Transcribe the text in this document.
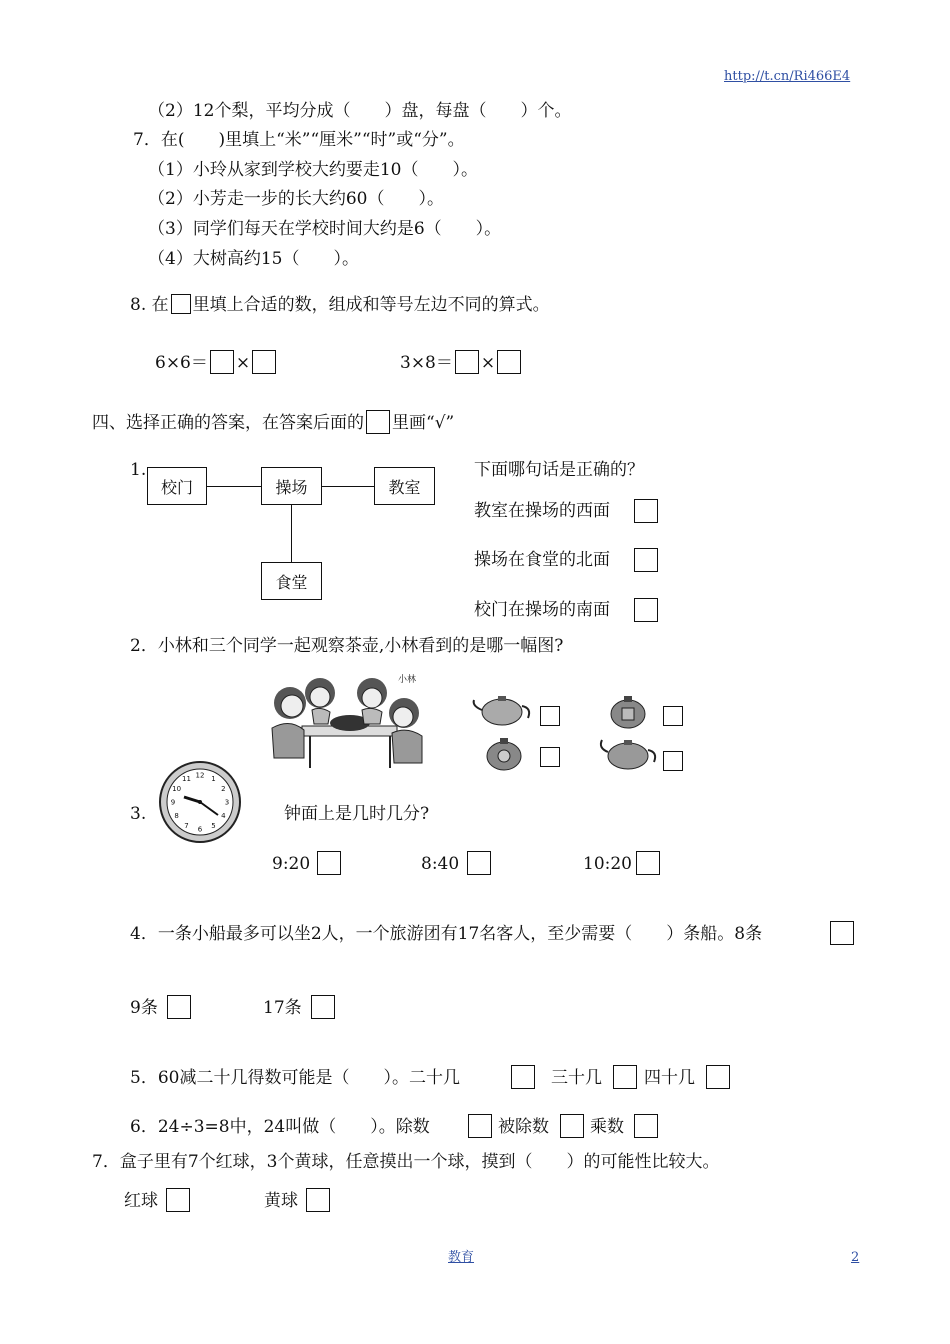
http://t.cn/Ri466E4
（2）12个梨，平均分成（　　）盘，每盘（　　）个。
7．在(　　)里填上“米”“厘米”“时”或“分”。
（1）小玲从家到学校大约要走10（　　）。
（2）小芳走一步的长大约60（　　）。
（3）同学们每天在学校时间大约是6（　　）。
（4）大树高约15（　　）。
8. 在 里填上合适的数，组成和等号左边不同的算式。
6×6＝ ×	3×8＝ ×
四、选择正确的答案，在答案后面的 里画“√”
1.
校门	操场	教室
食堂
下面哪句话是正确的？
教室在操场的西面
操场在食堂的北面
校门在操场的南面
2．小林和三个同学一起观察茶壶,小林看到的是哪一幅图?
小林
3.
12 1
2
3
4
5
6
7
8
9
10
11
钟面上是几时几分?
9:20	8:40	10:20
4．一条小船最多可以坐2人，一个旅游团有17名客人，至少需要（　　）条船。8条
9条	17条
5．60减二十几得数可能是（　　）。二十几	三十几 四十几
6．24÷3=8中，24叫做（　　）。除数	被除数 乘数
7．盒子里有7个红球，3个黄球，任意摸出一个球，摸到（　　）的可能性比较大。
红球	黄球
教育	2
